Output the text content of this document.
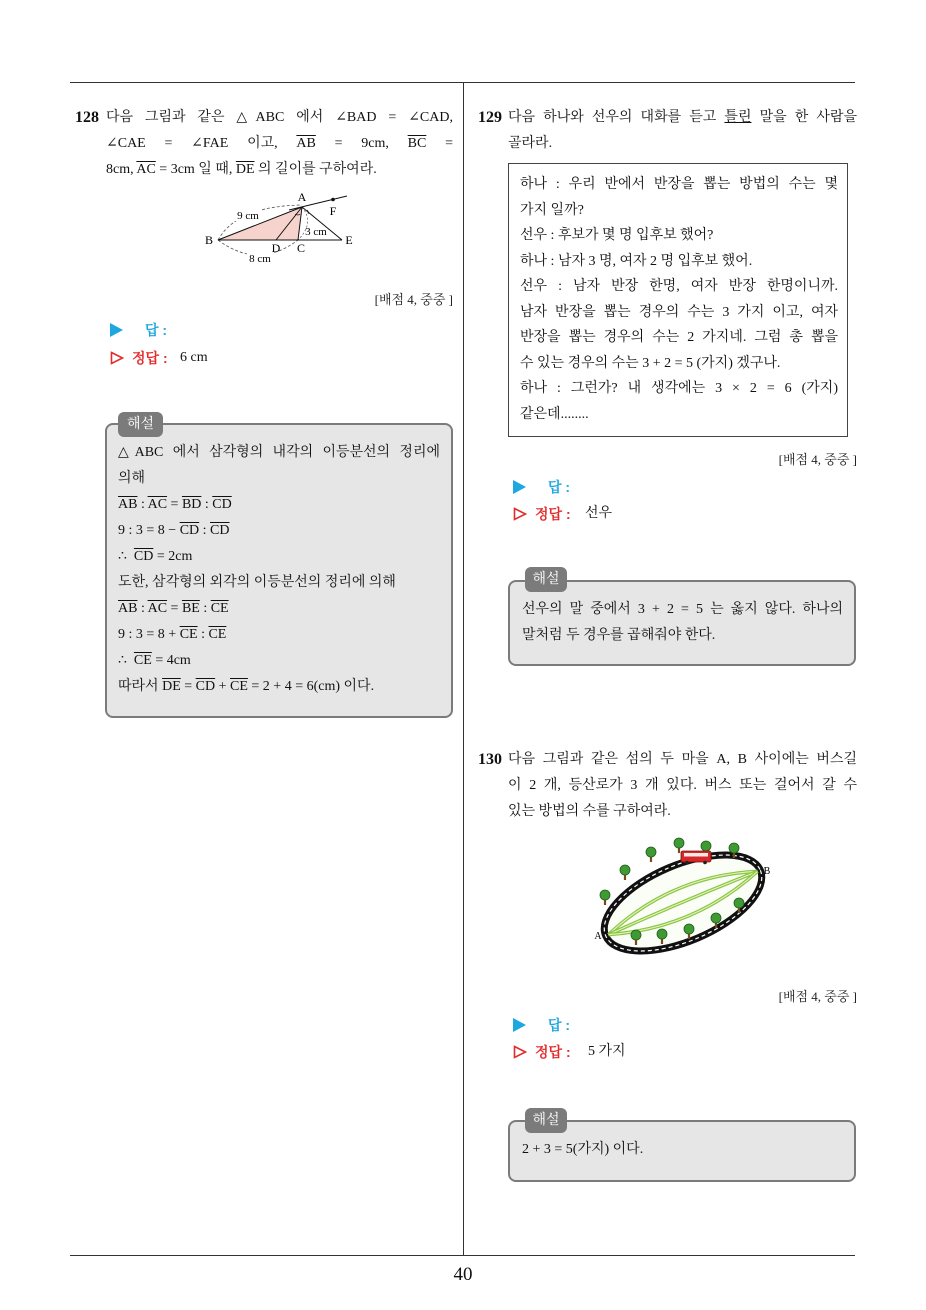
40
128 다음 그림과 같은 △ABC 에서 ∠BAD = ∠CAD,
∠CAE = ∠FAE 이고, $\overline{AB} = 9cm$, $\overline{BC}$ =
8cm, $\overline{AC} = 3cm$ 일 때, $\overline{DE}$ 의 길이를 구하여라.
A
F
B
D C
E
9 cm
3 cm
8 cm
[배점 4, 중중 ]
답 :
정답 : 6 cm
해설
△ABC 에서 삼각형의 내각의 이등분선의 정리에
의해
$\overline{AB}$ : $\overline{AC} = \overline{BD}$ : $\overline{CD}$
9 : $3 = 8 - \overline{CD}$ : $\overline{CD}$
∴  $\overline{CD} = 2cm$
도한, 삼각형의 외각의 이등분선의 정리에 의해
$\overline{AB}$ : $\overline{AC} = \overline{BE}$ : $\overline{CE}$
9 : $3 = 8 + \overline{CE}$ : $\overline{CE}$
∴  $\overline{CE} = 4cm$
따라서 $\overline{DE} = \overline{CD} + \overline{CE} = 2 + 4 = 6(cm)$ 이다.
129 다음 하나와 선우의 대화를 듣고 틀린 말을 한 사람을
골라라.
하나 : 우리 반에서 반장을 뽑는 방법의 수는 몇
가지 일까?
선우 : 후보가 몇 명 입후보 했어?
하나 : 남자 3 명, 여자 2 명 입후보 했어.
선우 : 남자 반장 한명, 여자 반장 한명이니까.
남자 반장을 뽑는 경우의 수는 3 가지 이고, 여자
반장을 뽑는 경우의 수는 2 가지네. 그럼 총 뽑을
수 있는 경우의 수는 3 + 2 = 5 (가지) 겠구나.
하나 : 그런가? 내 생각에는 3 × 2 = 6 (가지)
같은데........
[배점 4, 중중 ]
답 :
정답 : 선우
해설
선우의 말 중에서 3 + 2 = 5 는 옳지 않다. 하나의
말처럼 두 경우를 곱해줘야 한다.
130 다음 그림과 같은 섬의 두 마을 A, B 사이에는 버스길
이 2 개, 등산로가 3 개 있다. 버스 또는 걸어서 갈 수
있는 방법의 수를 구하여라.
A
B
[배점 4, 중중 ]
답 :
정답 : 5 가지
해설
2 + 3 = 5(가지) 이다.
